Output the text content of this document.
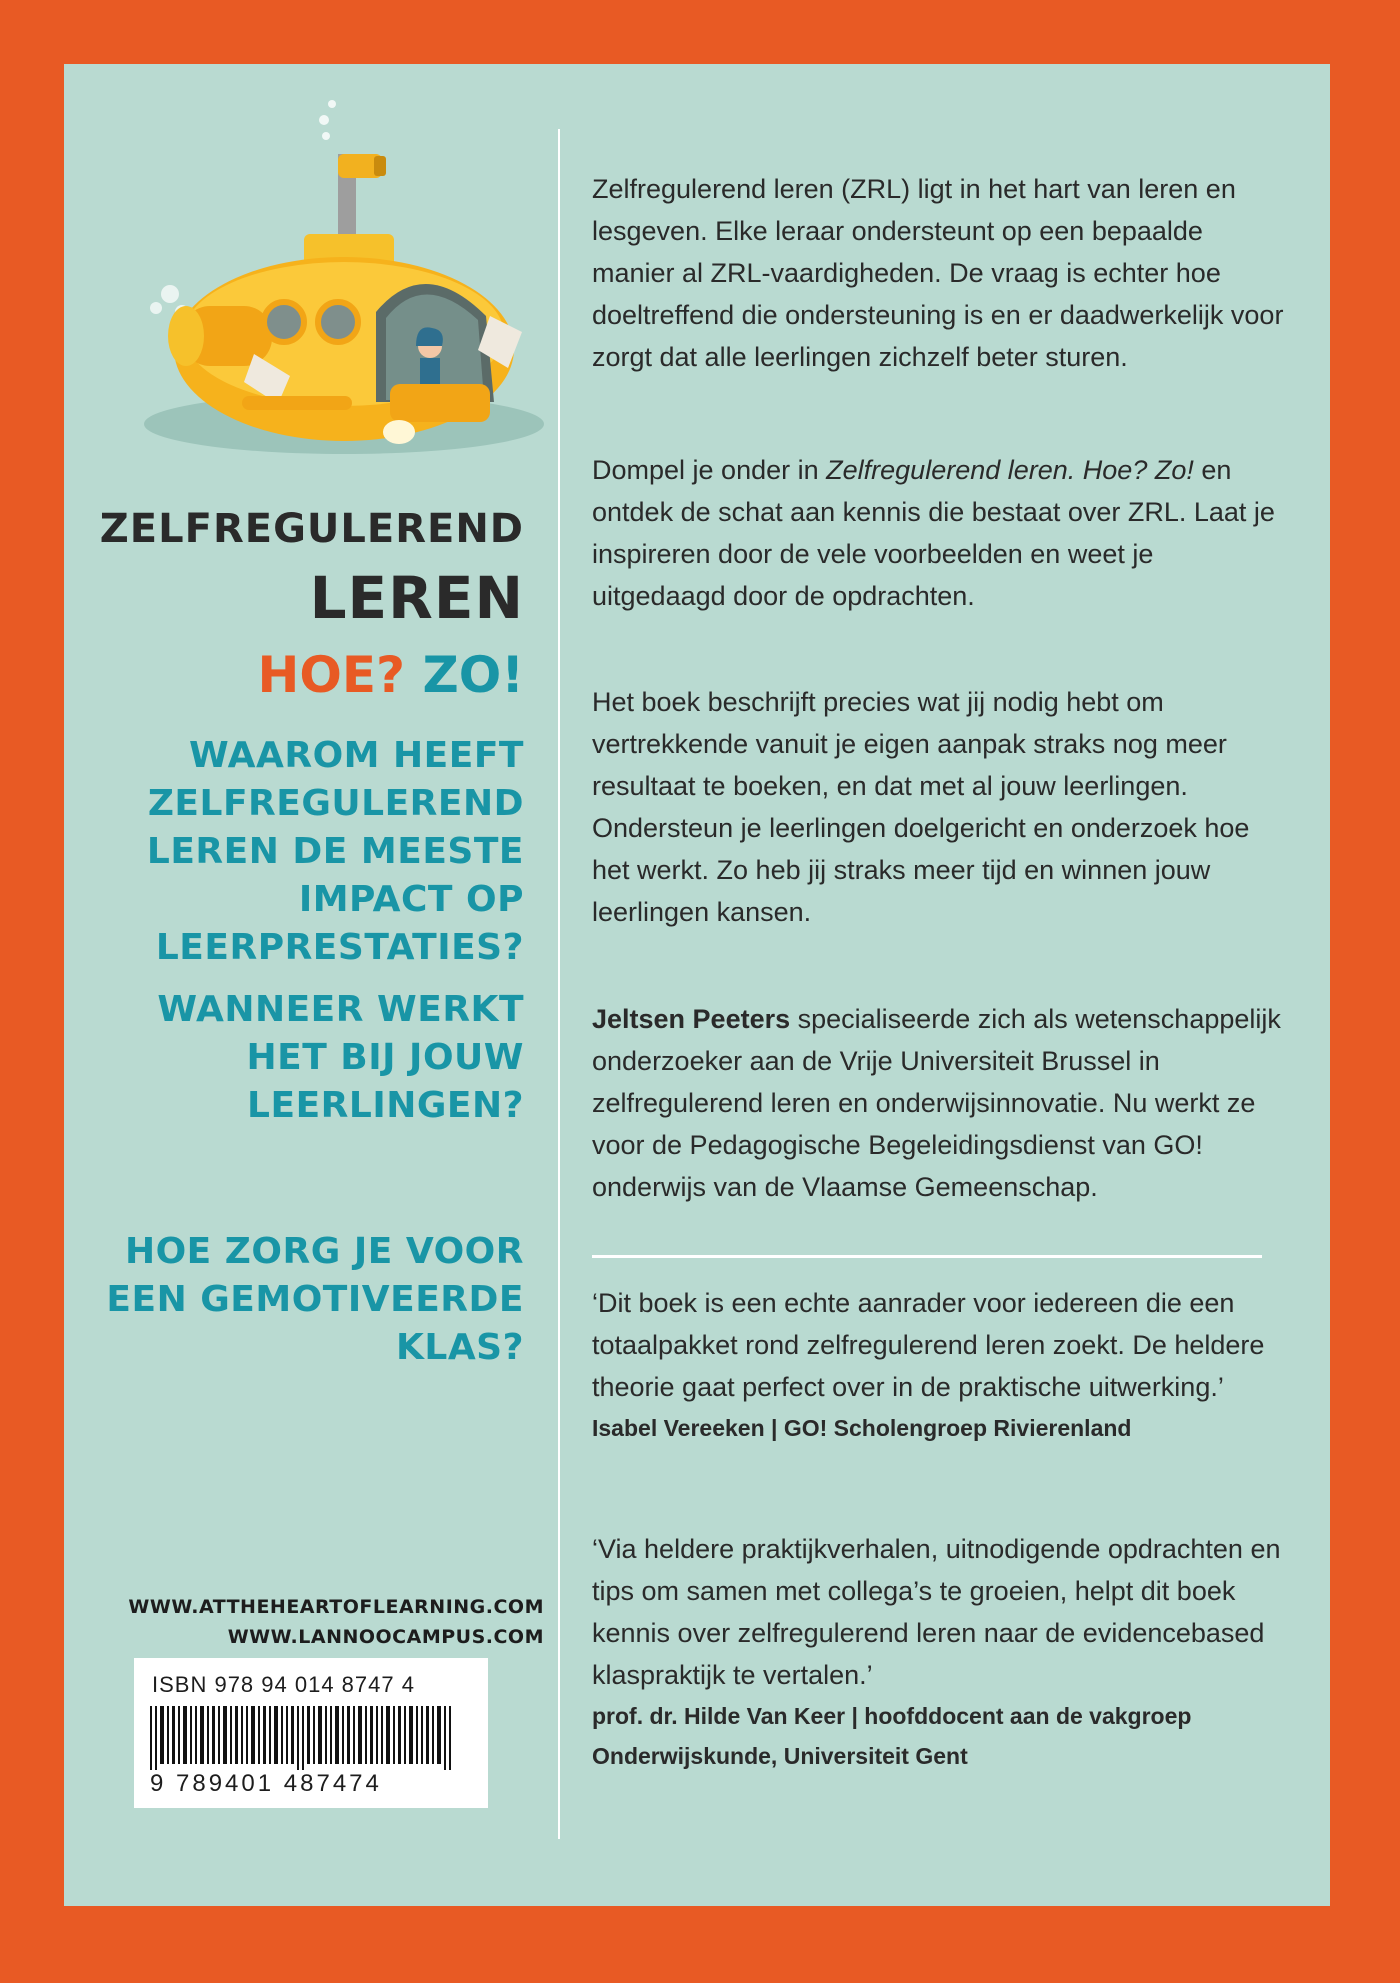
ZELFREGULEREND
LEREN
HOE? ZO!
WAAROM HEEFT ZELFREGULEREND LEREN DE MEESTE IMPACT OP LEERPRESTATIES?
WANNEER WERKT HET BIJ JOUW LEERLINGEN?
HOE ZORG JE VOOR EEN GEMOTIVEERDE KLAS?
WWW.ATTHEHEARTOFLEARNING.COM
WWW.LANNOOCAMPUS.COM
ISBN 978 94 014 8747 4
9 789401 487474

Zelfregulerend leren (ZRL) ligt in het hart van leren en lesgeven. Elke leraar ondersteunt op een bepaalde manier al ZRL-vaardigheden. De vraag is echter hoe doeltreffend die ondersteuning is en er daadwerkelijk voor zorgt dat alle leerlingen zichzelf beter sturen.

Dompel je onder in Zelfregulerend leren. Hoe? Zo! en ontdek de schat aan kennis die bestaat over ZRL. Laat je inspireren door de vele voorbeelden en weet je uitgedaagd door de opdrachten.

Het boek beschrijft precies wat jij nodig hebt om vertrekkende vanuit je eigen aanpak straks nog meer resultaat te boeken, en dat met al jouw leerlingen. Ondersteun je leerlingen doelgericht en onderzoek hoe het werkt. Zo heb jij straks meer tijd en winnen jouw leerlingen kansen.

Jeltsen Peeters specialiseerde zich als wetenschappelijk onderzoeker aan de Vrije Universiteit Brussel in zelfregulerend leren en onderwijsinnovatie. Nu werkt ze voor de Pedagogische Begeleidingsdienst van GO! onderwijs van de Vlaamse Gemeenschap.

‘Dit boek is een echte aanrader voor iedereen die een totaalpakket rond zelfregulerend leren zoekt. De heldere theorie gaat perfect over in de praktische uitwerking.’
Isabel Vereeken | GO! Scholengroep Rivierenland
‘Via heldere praktijkverhalen, uitnodigende opdrachten en tips om samen met collega’s te groeien, helpt dit boek kennis over zelfregulerend leren naar de evidencebased klaspraktijk te vertalen.’
prof. dr. Hilde Van Keer | hoofddocent aan de vakgroep Onderwijskunde, Universiteit Gent
